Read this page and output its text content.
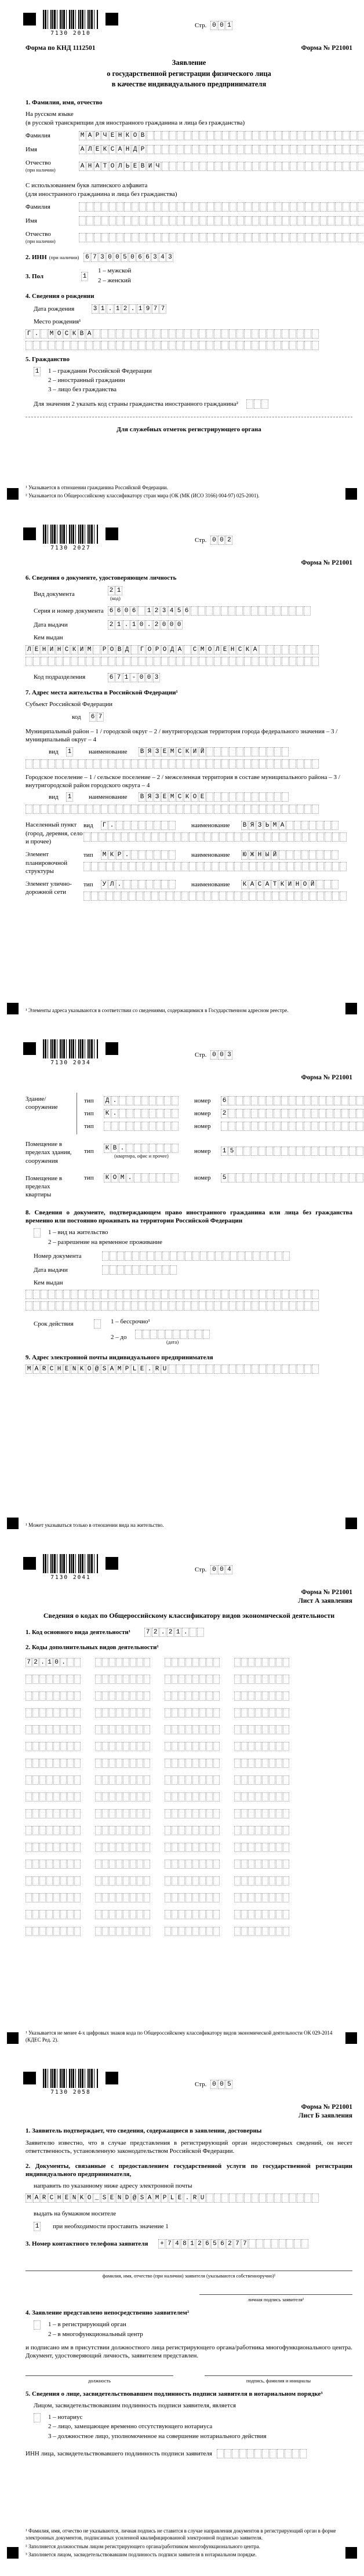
7130 2010
Стр. 0 0 1
Форма по КНД 1112501	Форма № Р21001
Заявление
о государственной регистрации физического лица
в качестве индивидуального предпринимателя
1. Фамилия, имя, отчество
На русском языке
(в русской транскрипции для иностранного гражданина и лица без гражданства)
Фамилия	М А Р Ч Е Н К О В

Имя	А Л Е К С А Н Д Р

Отчество
(при наличии)
А Н А Т О Л Ь Е В И Ч

С использованием букв латинского алфавита
(для иностранного гражданина и лица без гражданства)
Фамилия

Имя

Отчество
(при наличии)

2. ИНН (при наличии) 6 7 3 0 0 5 0 6 6 3 4 3
3. Пол	1
1 – мужской
2 – женский
4. Сведения о рождении
Дата рождения	3 1 . 1 2 . 1 9 7 7
Место рождения¹
Г .
М О С К В А

5. Гражданство
1 1 – гражданин Российской Федерации
2 – иностранный гражданин
3 – лицо без гражданства
Для значения 2 указать код страны гражданства иностранного гражданина²

Для служебных отметок регистрирующего органа
¹ Указывается в отношении гражданина Российской Федерации.
² Указывается по Общероссийскому классификатору стран мира (ОК (МК (ИСО 3166) 004-97) 025-2001).
7130 2027
Стр. 0 0 2
Форма № Р21001
6. Сведения о документе, удостоверяющем личность
Вид документа	2 1
(код)
Серия и номер документа 6 6 0 6
1 2 3 4 5 6

Дата выдачи	2 1 . 1 0 . 2 0 0 0
Кем выдан
Л Е Н И Н С К И М
Р О В Д
Г О Р О Д А
С М О Л Е Н С К А

Код подразделения	6 7 1 - 0 0 3
7. Адрес места жительства в Российской Федерации¹
Субъект Российской Федерации
код	6 7
Муниципальный район – 1 / городской округ – 2 / внутригородская территория города федерального значения – 3 / муниципальный округ – 4
вид	1	наименование	В Я З Е М С К И Й

Городское поселение – 1 / сельское поселение – 2 / межселенная территория в составе муниципального района – 3 / внутригородской район городского округа – 4
вид	1	наименование	В Я З Е М С К О Е

Населенный пункт (город, деревня, село и прочее)
вид	Г .

	наименование	В Я З Ь М А

Элемент планировочной структуры
тип	М К Р .

	наименование	Ю Ж Н Ы Й

Элемент улично-дорожной сети
тип	У Л .

	наименование	К А С А Т К И Н О Й

¹ Элементы адреса указываются в соответствии со сведениями, содержащимися в Государственном адресном реестре.
7130 2034
Стр. 0 0 3
Форма № Р21001
Здание/ сооружение
тип	Д .

	номер	6

тип	К .

	номер	2

тип

	номер

Помещение в пределах здания, сооружения
тип	К В .

(квартира, офис и прочее)
номер	1 5

Помещение в пределах квартиры
тип	К О М .

	номер	5

8. Сведения о документе, подтверждающем право иностранного гражданина или лица без гражданства временно или постоянно проживать на территории Российской Федерации

1 – вид на жительство
2 – разрешение на временное проживание
Номер документа

Дата выдачи

Кем выдан

Срок действия
	1 – бессрочно¹
2 – до

(дата)
9. Адрес электронной почты индивидуального предпринимателя
M A R C H E N K O @ S A M P L E . R U

¹ Может указываться только в отношении вида на жительство.
7130 2041
Стр. 0 0 4
Форма № Р21001
Лист А заявления
Сведения о кодах по Общероссийскому классификатору видов экономической деятельности
1. Код основного вида деятельности¹ 7 2 . 2 1 .

2. Коды дополнительных видов деятельности¹
7 2 . 1 0 .

¹ Указывается не менее 4-х цифровых знаков кода по Общероссийскому классификатору видов экономической деятельности ОК 029-2014 (КДЕС Ред. 2).
7130 2058
Стр. 0 0 5
Форма № Р21001
Лист Б заявления
1. Заявитель подтверждает, что сведения, содержащиеся в заявлении, достоверны
Заявителю известно, что в случае представления в регистрирующий орган недостоверных сведений, он несет ответственность, установленную законодательством Российской Федерации.
2. Документы, связанные с предоставлением государственной услуги по государственной регистрации индивидуального предпринимателя,
направить по указанному ниже адресу электронной почты
M A R C H E N K O _ S E N D @ S A M P L E . R U

выдать на бумажном носителе
1 при необходимости проставить значение 1
3. Номер контактного телефона заявителя + 7 4 8 1 2 6 5 6 2 7 7

фамилия, имя, отчество (при наличии) заявителя (указываются собственноручно)¹
личная подпись заявителя¹
4. Заявление представлено непосредственно заявителем²

1 – в регистрирующий орган
2 – в многофункциональный центр
и подписано им в присутствии должностного лица регистрирующего органа/работника многофункционального центра. Документ, удостоверяющий личность, заявителем представлен.
должность	подпись, фамилия и инициалы
5. Сведения о лице, засвидетельствовавшем подлинность подписи заявителя в нотариальном порядке³
Лицом, засвидетельствовавшим подлинность подписи заявителя, является

1 – нотариус
2 – лицо, замещающее временно отсутствующего нотариуса
3 – должностное лицо, уполномоченное на совершение нотариального действия
ИНН лица, засвидетельствовавшего подлинность подписи заявителя

¹ Фамилия, имя, отчество не указываются, личная подпись не ставится в случае направления документов в регистрирующий орган в форме электронных документов, подписанных усиленной квалифицированной электронной подписью заявителя.
² Заполняется должностным лицом регистрирующего органа/работником многофункционального центра.
³ Заполняется лицом, засвидетельствовавшим подлинность подписи заявителя в нотариальном порядке.
